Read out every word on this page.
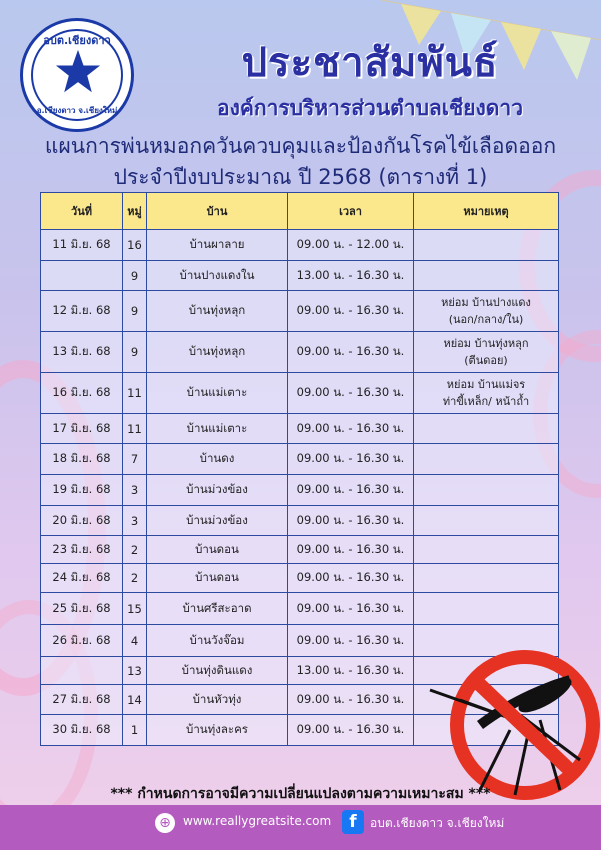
อบต.เชียงดาว
อ.เชียงดาว จ.เชียงใหม่
ประชาสัมพันธ์
องค์การบริหารส่วนตำบลเชียงดาว
แผนการพ่นหมอกควันควบคุมและป้องกันโรคไข้เลือดออก
ประจำปีงบประมาณ ปี 2568 (ตารางที่ 1)
วันที่	หมู่	บ้าน	เวลา	หมายเหตุ
11 มิ.ย. 68	16	บ้านผาลาย	09.00 น. - 12.00 น.	

	9	บ้านปางแดงใน	13.00 น. - 16.30 น.	

12 มิ.ย. 68	9	บ้านทุ่งหลุก	09.00 น. - 16.30 น.	หย่อม บ้านปางแดง
(นอก/กลาง/ใน)

13 มิ.ย. 68	9	บ้านทุ่งหลุก	09.00 น. - 16.30 น.	หย่อม บ้านทุ่งหลุก
(ตีนดอย)

16 มิ.ย. 68	11	บ้านแม่เตาะ	09.00 น. - 16.30 น.	หย่อม บ้านแม่จร
ท่าขี้เหล็ก/ หน้าถ้ำ

17 มิ.ย. 68	11	บ้านแม่เตาะ	09.00 น. - 16.30 น.	

18 มิ.ย. 68	7	บ้านดง	09.00 น. - 16.30 น.	

19 มิ.ย. 68	3	บ้านม่วงข้อง	09.00 น. - 16.30 น.	

20 มิ.ย. 68	3	บ้านม่วงข้อง	09.00 น. - 16.30 น.	

23 มิ.ย. 68	2	บ้านดอน	09.00 น. - 16.30 น.	

24 มิ.ย. 68	2	บ้านดอน	09.00 น. - 16.30 น.	

25 มิ.ย. 68	15	บ้านศรีสะอาด	09.00 น. - 16.30 น.	

26 มิ.ย. 68	4	บ้านวังจ๊อม	09.00 น. - 16.30 น.	

	13	บ้านทุ่งดินแดง	13.00 น. - 16.30 น.	

27 มิ.ย. 68	14	บ้านหัวทุ่ง	09.00 น. - 16.30 น.	

30 มิ.ย. 68	1	บ้านทุ่งละคร	09.00 น. - 16.30 น.	
*** กำหนดการอาจมีความเปลี่ยนแปลงตามความเหมาะสม ***
⊕	www.reallygreatsite.com	f	อบต.เชียงดาว จ.เชียงใหม่
